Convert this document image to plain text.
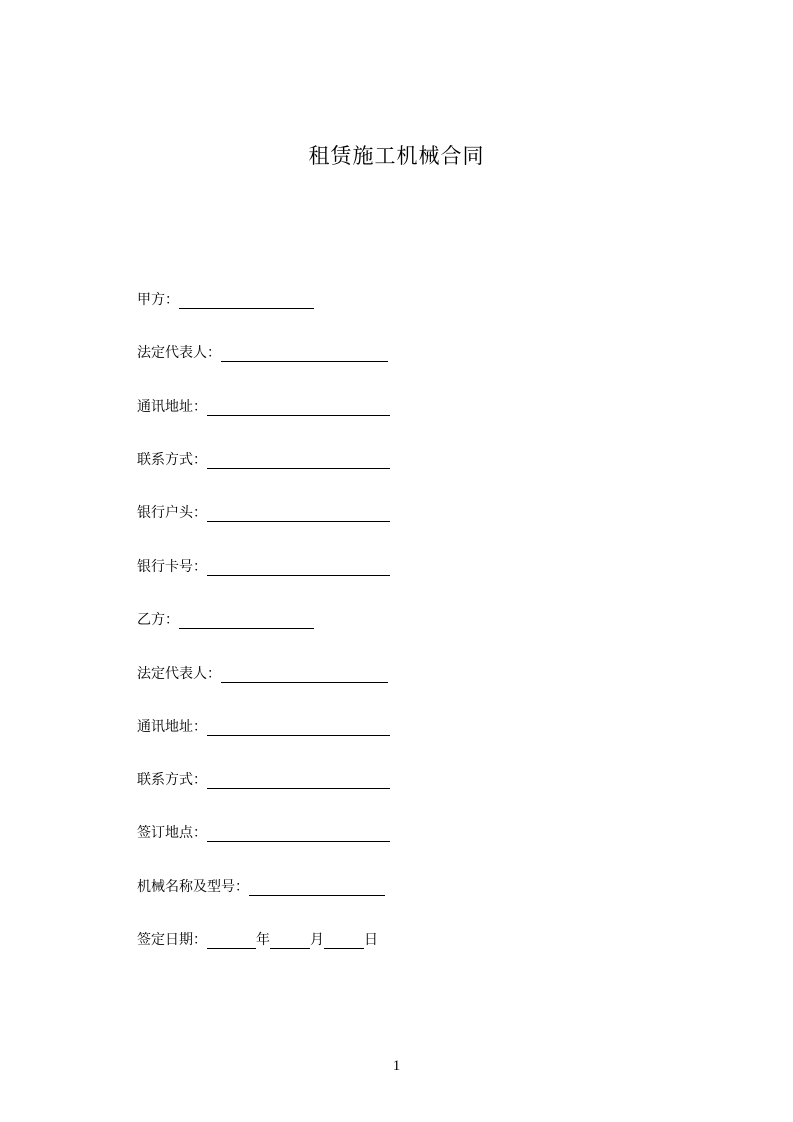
租赁施工机械合同
甲方：
法定代表人：
通讯地址：
联系方式：
银行户头：
银行卡号：
乙方：
法定代表人：
通讯地址：
联系方式：
签订地点：
机械名称及型号：
签定日期：	年	月	日
1
